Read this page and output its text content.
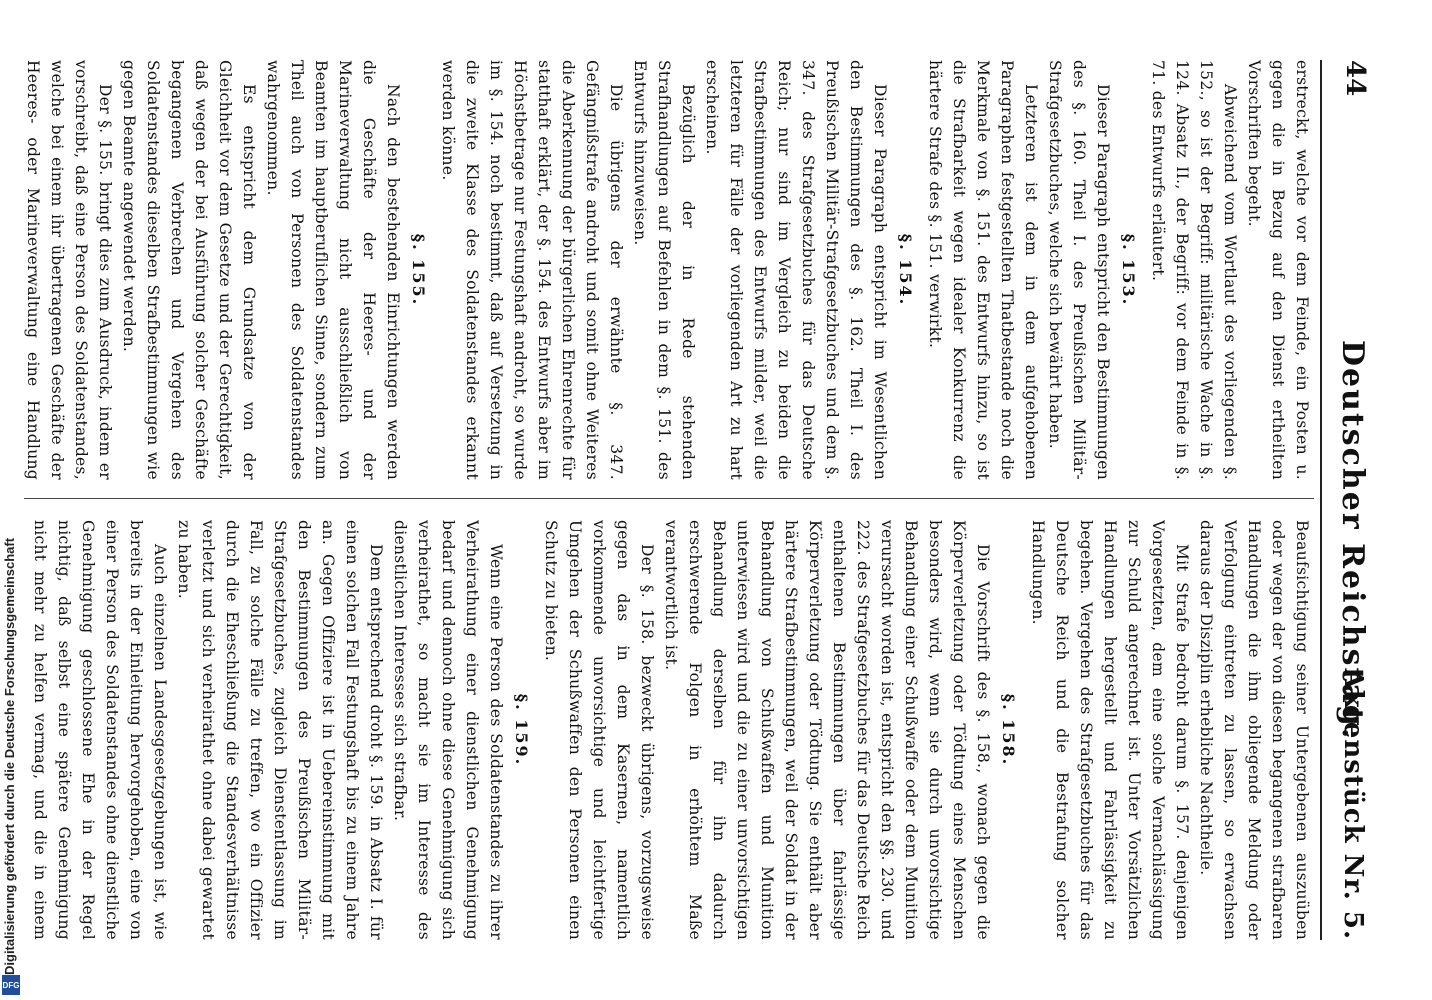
Digitalisierung gefördert durch die Deutsche Forschungsgemeinschaft
DFG
44
Deutscher Reichstag.
Aktenstück Nr. 5.

erstreckt, welche vor dem Feinde, ein Posten u. gegen die in Bezug auf den Dienst ertheilten Vorschriften begeht.

Abweichend vom Wortlaut des vorliegenden §. 152., so ist der Begriff: militärische Wache in §. 124. Absatz II., der Begriff: vor dem Feinde in §. 71. des Entwurfs erläutert.

§. 153.

Dieser Paragraph entspricht den Bestimmungen des §. 160. Theil I. des Preußischen Militär-Strafgesetzbuches, welche sich bewährt haben.

Letzteren ist dem in dem aufgehobenen Paragraphen festgestellten Thatbestande noch die Merkmale von §. 151. des Entwurfs hinzu, so ist die Strafbarkeit wegen idealer Konkurrenz die härtere Strafe des §. 151. verwirkt.

§. 154.

Dieser Paragraph entspricht im Wesentlichen den Bestimmungen des §. 162. Theil I. des Preußischen Militär-Strafgesetzbuches und dem §. 347. des Strafgesetzbuches für das Deutsche Reich; nur sind im Vergleich zu beiden die Strafbestimmungen des Entwurfs milder, weil die letzteren für Fälle der vorliegenden Art zu hart erscheinen.

Bezüglich der in Rede stehenden Strafhandlungen auf Befehlen in dem §. 151. des Entwurfs hinzuweisen.

Die übrigens der erwähnte §. 347. Gefängnißstrafe androht und somit ohne Weiteres die Aberkennung der bürgerlichen Ehrenrechte für statthaft erklärt, der §. 154. des Entwurfs aber im Höchstbetrage nur Festungshaft androht, so wurde im §. 154. noch bestimmt, daß auf Versetzung in die zweite Klasse des Soldatenstandes erkannt werden könne.

§. 155.

Nach den bestehenden Einrichtungen werden die Geschäfte der Heeres- und der Marineverwaltung nicht ausschließlich von Beamten im hauptberuflichen Sinne, sondern zum Theil auch von Personen des Soldatenstandes wahrgenommen.

Es entspricht dem Grundsatze von der Gleichheit vor dem Gesetze und der Gerechtigkeit, daß wegen der bei Ausführung solcher Geschäfte begangenen Verbrechen und Vergehen des Soldatenstandes dieselben Strafbestimmungen wie gegen Beamte angewendet werden.

Der §. 155. bringt dies zum Ausdruck, indem er vorschreibt, daß eine Person des Soldatenstandes, welche bei einem ihr übertragenen Geschäfte der Heeres- oder Marineverwaltung eine Handlung

Beaufsichtigung seiner Untergebenen auszuüben oder wegen der von diesen begangenen strafbaren Handlungen die ihm obliegende Meldung oder Verfolgung eintreten zu lassen, so erwachsen daraus der Disziplin erhebliche Nachtheile.

Mit Strafe bedroht darum §. 157. denjenigen Vorgesetzten, dem eine solche Vernachlässigung zur Schuld angerechnet ist. Unter Vorsätzlichen Handlungen hergestellt und Fahrlässigkeit zu begehen. Vergehen des Strafgesetzbuches für das Deutsche Reich und die Bestrafung solcher Handlungen.

§. 158.

Die Vorschrift des §. 158., wonach gegen die Körperverletzung oder Tödtung eines Menschen besonders wird, wenn sie durch unvorsichtige Behandlung einer Schußwaffe oder dem Munition verursacht worden ist, entspricht den §§. 230. und 222. des Strafgesetzbuches für das Deutsche Reich enthaltenen Bestimmungen über fahrlässige Körperverletzung oder Tödtung. Sie enthält aber härtere Strafbestimmungen, weil der Soldat in der Behandlung von Schußwaffen und Munition unterwiesen wird und die zu einer unvorsichtigen Behandlung derselben für ihn dadurch erschwerende Folgen in erhöhtem Maße verantwortlich ist.

Der §. 158. bezweckt übrigens, vorzugsweise gegen das in dem Kasernen, namentlich vorkommende unvorsichtige und leichtfertige Umgehen der Schußwaffen den Personen einen Schutz zu bieten.

§. 159.

Wenn eine Person des Soldatenstandes zu ihrer Verheirathung einer dienstlichen Genehmigung bedarf und dennoch ohne diese Genehmigung sich verheirathet, so macht sie im Interesse des dienstlichen Interesses sich strafbar.

Dem entsprechend droht §. 159. in Absatz I. für einen solchen Fall Festungshaft bis zu einem Jahre an. Gegen Offiziere ist in Uebereinstimmung mit den Bestimmungen des Preußischen Militär-Strafgesetzbuches, zugleich Dienstentlassung im Fall, zu solche Fälle zu treffen, wo ein Offizier durch die Eheschließung die Standesverhältnisse verletzt und sich verheirathet ohne dabei gewartet zu haben.

Auch einzelnen Landesgesetzgebungen ist, wie bereits in der Einleitung hervorgehoben, eine von einer Person des Soldatenstandes ohne dienstliche Genehmigung geschlossene Ehe in der Regel nichtig, daß selbst eine spätere Genehmigung nicht mehr zu helfen vermag, und die in einem
